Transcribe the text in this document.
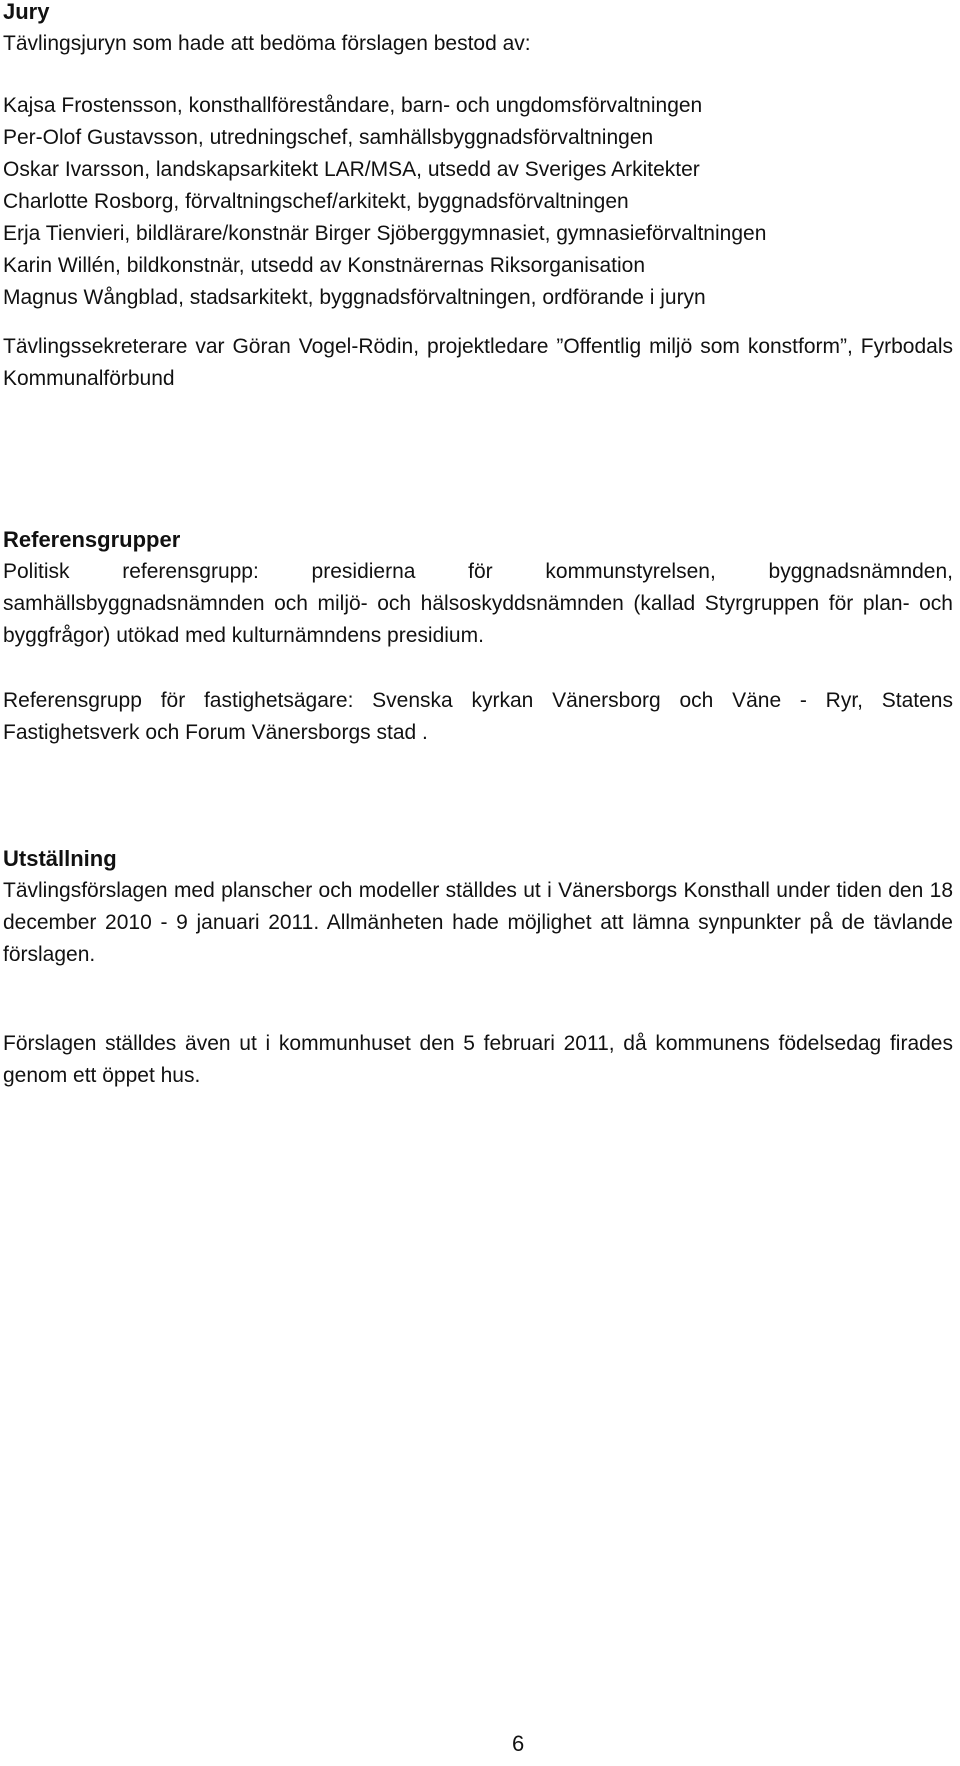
Jury

Tävlingsjuryn som hade att bedöma förslagen bestod av:

Kajsa Frostensson, konsthallföreståndare, barn- och ungdomsförvaltningen

Per-Olof Gustavsson, utredningschef, samhällsbyggnadsförvaltningen

Oskar Ivarsson, landskapsarkitekt LAR/MSA, utsedd av Sveriges Arkitekter

Charlotte Rosborg, förvaltningschef/arkitekt, byggnadsförvaltningen

Erja Tienvieri, bildlärare/konstnär Birger Sjöberggymnasiet, gymnasieförvaltningen

Karin Willén, bildkonstnär, utsedd av Konstnärernas Riksorganisation

Magnus Wångblad, stadsarkitekt, byggnadsförvaltningen, ordförande i juryn

Tävlingssekreterare var Göran Vogel-Rödin, projektledare ”Offentlig miljö som konstform”, Fyrbodals Kommunalförbund

Referensgrupper

Politisk referensgrupp: presidierna för kommunstyrelsen, byggnadsnämnden, samhällsbyggnadsnämnden och miljö- och hälsoskyddsnämnden (kallad Styrgruppen för plan- och byggfrågor) utökad med kulturnämndens presidium.

Referensgrupp för fastighetsägare: Svenska kyrkan Vänersborg och Väne - Ryr, Statens Fastighetsverk och Forum Vänersborgs stad .

Utställning

Tävlingsförslagen med planscher och modeller ställdes ut i Vänersborgs Konsthall under tiden den 18 december 2010 - 9 januari 2011. Allmänheten hade möjlighet att lämna synpunkter på de tävlande förslagen.

Förslagen ställdes även ut i kommunhuset den 5 februari 2011, då kommunens födelsedag firades genom ett öppet hus.

6
